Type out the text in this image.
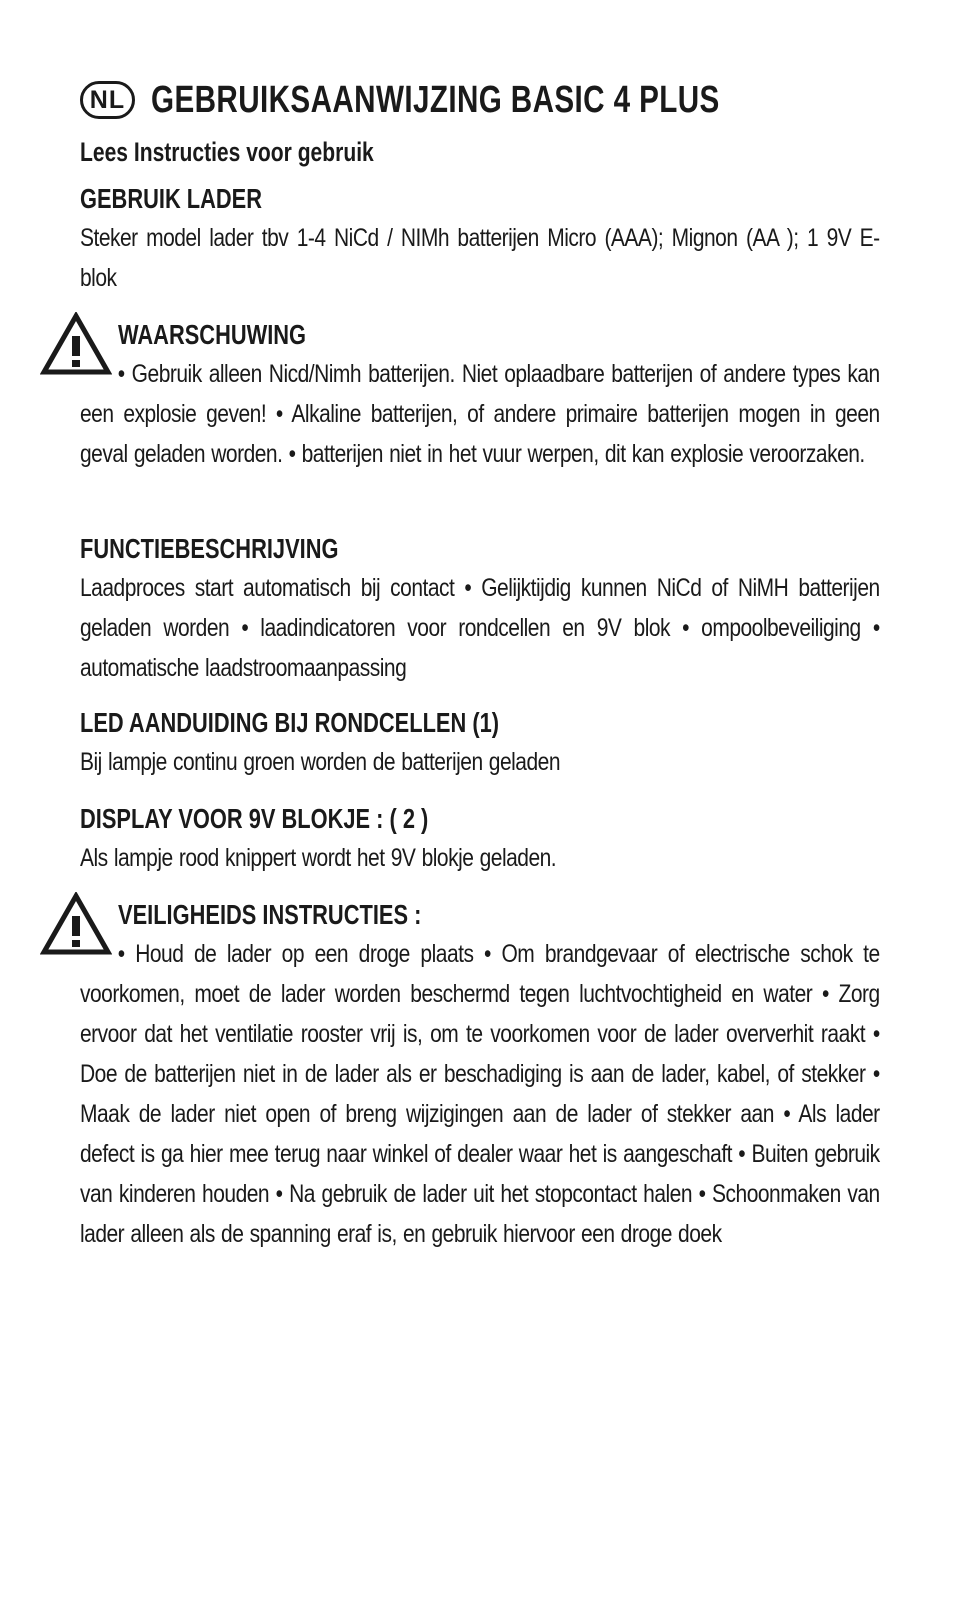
NL GEBRUIKSAANWIJZING BASIC 4 PLUS
Lees Instructies voor gebruik
GEBRUIK LADER
Steker model lader tbv 1-4 NiCd / NIMh batterijen Micro (AAA); Mignon (AA ); 1 9V E-blok
WAARSCHUWING
• Gebruik alleen Nicd/Nimh batterijen. Niet oplaadbare batterijen of andere types kan een explosie geven! • Alkaline batterijen, of andere primaire batterijen mogen in geen geval geladen worden. • batterijen niet in het vuur werpen, dit kan explosie veroorzaken.
FUNCTIEBESCHRIJVING
Laadproces start automatisch bij contact • Gelijktijdig kunnen NiCd of NiMH batterijen geladen worden • laadindicatoren voor rondcellen en 9V blok • ompoolbeveiliging • automatische laadstroomaanpassing
LED AANDUIDING BIJ RONDCELLEN (1)
Bij lampje continu groen worden de batterijen geladen
DISPLAY VOOR 9V BLOKJE : ( 2 )
Als lampje rood knippert wordt het 9V blokje geladen.
VEILIGHEIDS INSTRUCTIES :
• Houd de lader op een droge plaats • Om brandgevaar of electrische schok te voorkomen, moet de lader worden beschermd tegen luchtvochtigheid en water • Zorg ervoor dat het ventilatie rooster vrij is, om te voorkomen voor de lader oververhit raakt • Doe de batterijen niet in de lader als er beschadiging is aan de lader, kabel, of stekker • Maak de lader niet open of breng wijzigingen aan de lader of stekker aan • Als lader defect is ga hier mee terug naar winkel of dealer waar het is aangeschaft • Buiten gebruik van kinderen houden • Na gebruik de lader uit het stopcontact halen • Schoonmaken van lader alleen als de spanning eraf is, en gebruik hiervoor een droge doek
